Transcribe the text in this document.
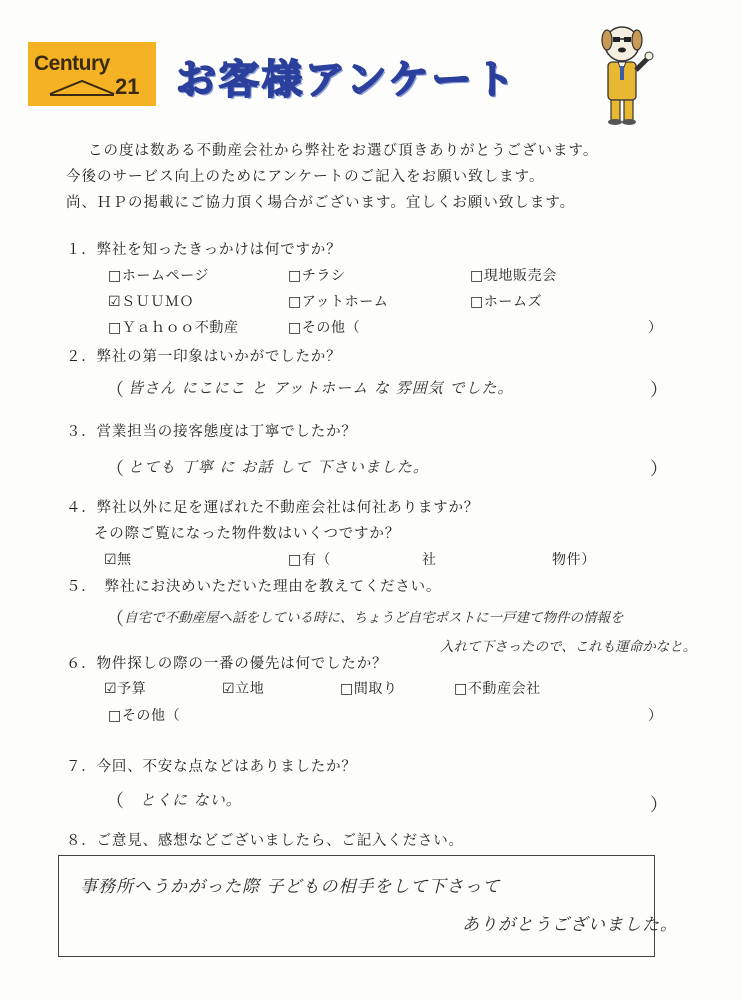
Century
21 お客様アンケート
この度は数ある不動産会社から弊社をお選び頂きありがとうございます。
今後のサービス向上のためにアンケートのご記入をお願い致します。
尚、ＨＰの掲載にご協力頂く場合がございます。宜しくお願い致します。
１．弊社を知ったきっかけは何ですか？
□ホームページ	□チラシ	□現地販売会
☑ＳＵＵＭＯ	□アットホーム	□ホームズ
□Ｙａｈｏｏ不動産	□その他（	）
２．弊社の第一印象はいかがでしたか？
（ 皆さん にこにこ と アットホーム な 雰囲気 でした。	）
３．営業担当の接客態度は丁寧でしたか？
（ とても 丁寧 に お話 して 下さいました。	）
４．弊社以外に足を運ばれた不動産会社は何社ありますか？
その際ご覧になった物件数はいくつですか？
☑無	□有（	社	物件）
５．　弊社にお決めいただいた理由を教えてください。
（ 自宅で不動産屋へ話をしている時に、ちょうど自宅ポストに一戸建て物件の情報を
入れて下さったので、これも運命かなと。
６．物件探しの際の一番の優先は何でしたか？
☑予算	☑立地	□間取り	□不動産会社
□その他（	）
７．今回、不安な点などはありましたか？
（ とくに ない。	）
８．ご意見、感想などございましたら、ご記入ください。
事務所へうかがった際 子どもの相手をして下さって
ありがとうございました。
